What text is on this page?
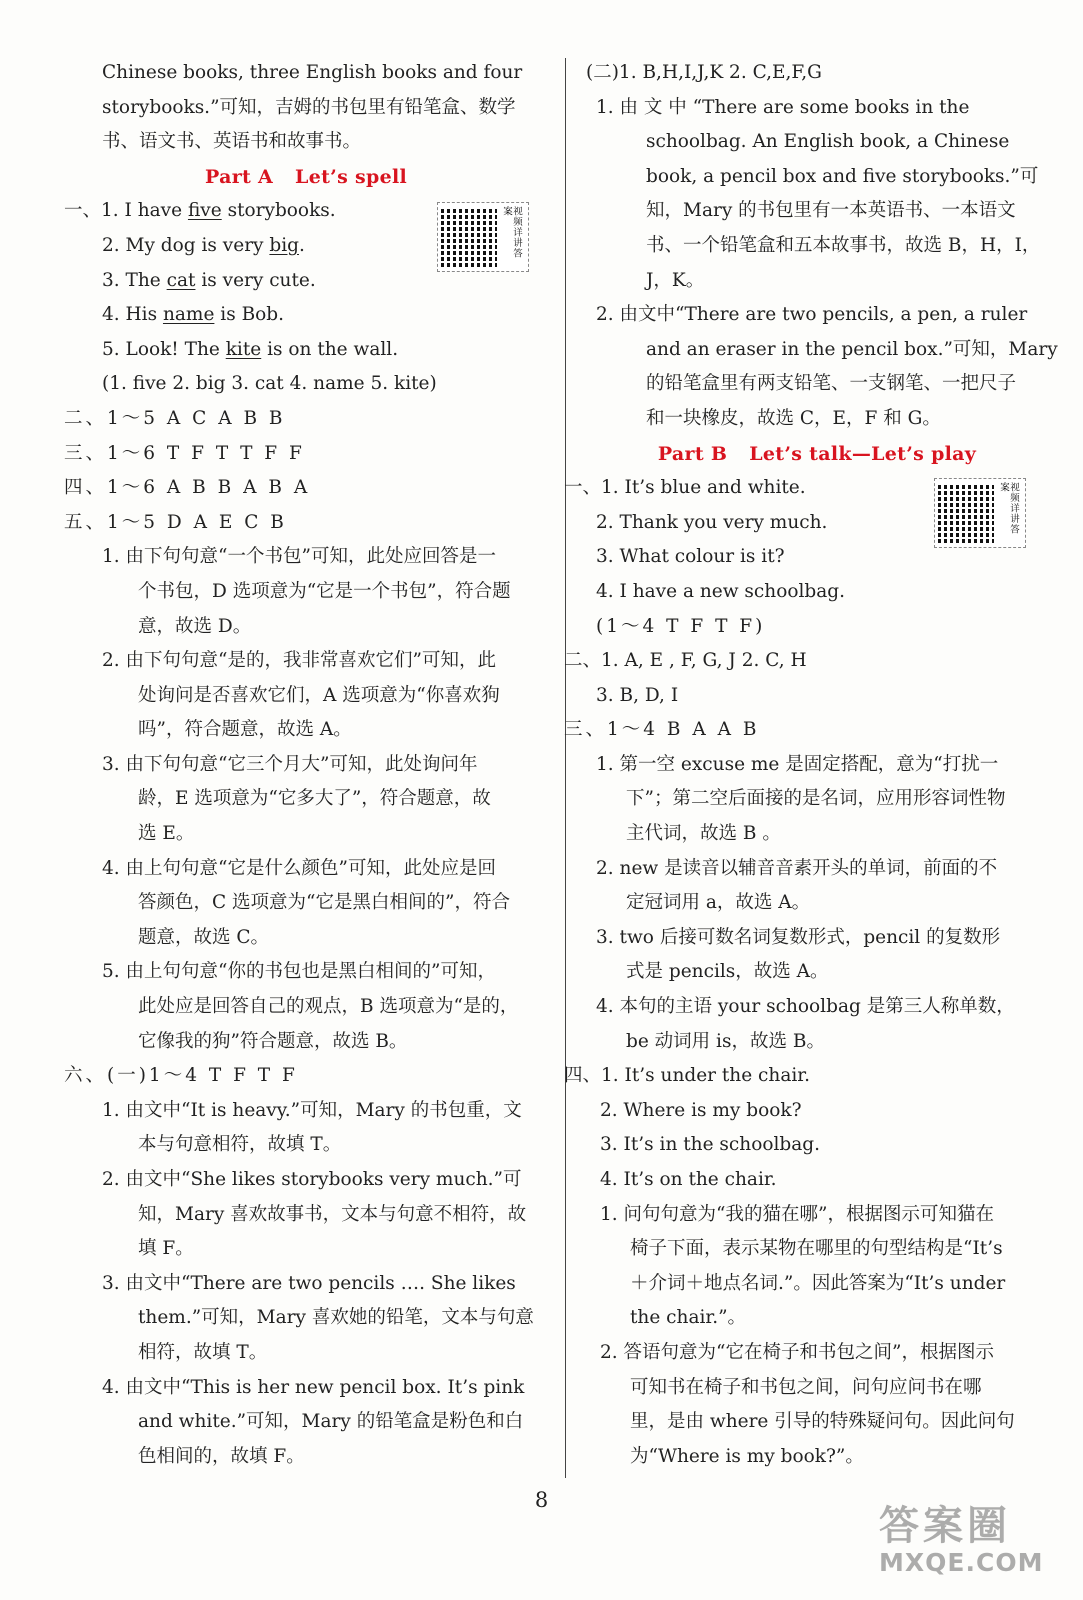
Chinese books, three English books and four
storybooks.”可知，吉姆的书包里有铅笔盒、数学
书、语文书、英语书和故事书。
Part A Let’s spell
一、1. I have five storybooks.
2. My dog is very big.
3. The cat is very cute.
4. His name is Bob.
5. Look! The kite is on the wall.
(1. five 2. big 3. cat 4. name 5. kite)
二、1～5 A C A B B
三、1～6 T F T T F F
四、1～6 A B B A B A
五、1～5 D A E C B
1. 由下句句意“一个书包”可知，此处应回答是一
个书包，D 选项意为“它是一个书包”，符合题
意，故选 D。
2. 由下句句意“是的，我非常喜欢它们”可知，此
处询问是否喜欢它们，A 选项意为“你喜欢狗
吗”，符合题意，故选 A。
3. 由下句句意“它三个月大”可知，此处询问年
龄，E 选项意为“它多大了”，符合题意，故
选 E。
4. 由上句句意“它是什么颜色”可知，此处应是回
答颜色，C 选项意为“它是黑白相间的”，符合
题意，故选 C。
5. 由上句句意“你的书包也是黑白相间的”可知，
此处应是回答自己的观点，B 选项意为“是的，
它像我的狗”符合题意，故选 B。
六、(一)1～4 T F T F
1. 由文中“It is heavy.”可知，Mary 的书包重，文
本与句意相符，故填 T。
2. 由文中“She likes storybooks very much.”可
知，Mary 喜欢故事书，文本与句意不相符，故
填 F。
3. 由文中“There are two pencils …. She likes
them.”可知，Mary 喜欢她的铅笔，文本与句意
相符，故填 T。
4. 由文中“This is her new pencil box. It’s pink
and white.”可知，Mary 的铅笔盒是粉色和白
色相间的，故填 F。
视频详讲答案
(二)1. B,H,I,J,K 2. C,E,F,G
1. 由 文 中 “There are some books in the
schoolbag. An English book, a Chinese
book, a pencil box and five storybooks.”可
知，Mary 的书包里有一本英语书、一本语文
书、一个铅笔盒和五本故事书，故选 B，H，I，
J，K。
2. 由文中“There are two pencils, a pen, a ruler
and an eraser in the pencil box.”可知，Mary
的铅笔盒里有两支铅笔、一支钢笔、一把尺子
和一块橡皮，故选 C，E，F 和 G。
Part B Let’s talk—Let’s play
一、1. It’s blue and white.
2. Thank you very much.
3. What colour is it?
4. I have a new schoolbag.
(1～4 T F T F)
二、1. A, E , F, G, J 2. C, H
3. B, D, I
三、1～4 B A A B
1. 第一空 excuse me 是固定搭配，意为“打扰一
下”；第二空后面接的是名词，应用形容词性物
主代词，故选 B 。
2. new 是读音以辅音音素开头的单词，前面的不
定冠词用 a，故选 A。
3. two 后接可数名词复数形式，pencil 的复数形
式是 pencils，故选 A。
4. 本句的主语 your schoolbag 是第三人称单数，
be 动词用 is，故选 B。
四、1. It’s under the chair.
2. Where is my book?
3. It’s in the schoolbag.
4. It’s on the chair.
1. 问句句意为“我的猫在哪”，根据图示可知猫在
椅子下面，表示某物在哪里的句型结构是“It’s
＋介词＋地点名词.”。因此答案为“It’s under
the chair.”。
2. 答语句意为“它在椅子和书包之间”，根据图示
可知书在椅子和书包之间，问句应问书在哪
里，是由 where 引导的特殊疑问句。因此问句
为“Where is my book?”。
视频详讲答案
8
答案圈
MXQE.COM
